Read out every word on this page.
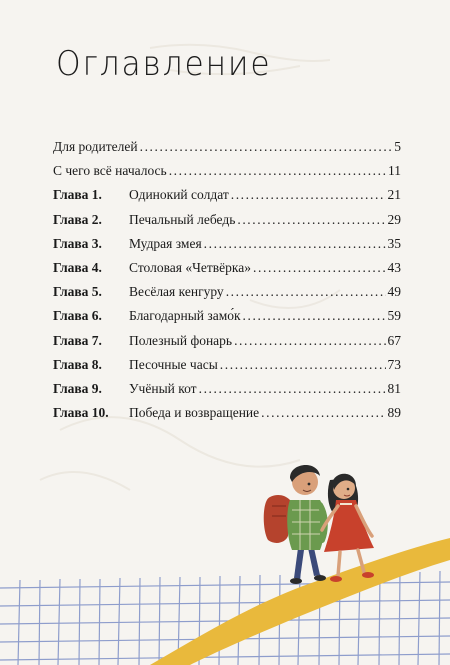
Оглавление
Для родителей .....	5
С чего всё началось .....	11
Глава 1.	Одинокий солдат .....	21
Глава 2.	Печальный лебедь .....	29
Глава 3.	Мудрая змея .....	35
Глава 4.	Столовая «Четвёрка» .....	43
Глава 5.	Весёлая кенгуру .....	49
Глава 6.	Благодарный замо́к .....	59
Глава 7.	Полезный фонарь .....	67
Глава 8.	Песочные часы .....	73
Глава 9.	Учёный кот .....	81
Глава 10.	Победа и возвращение .....	89
